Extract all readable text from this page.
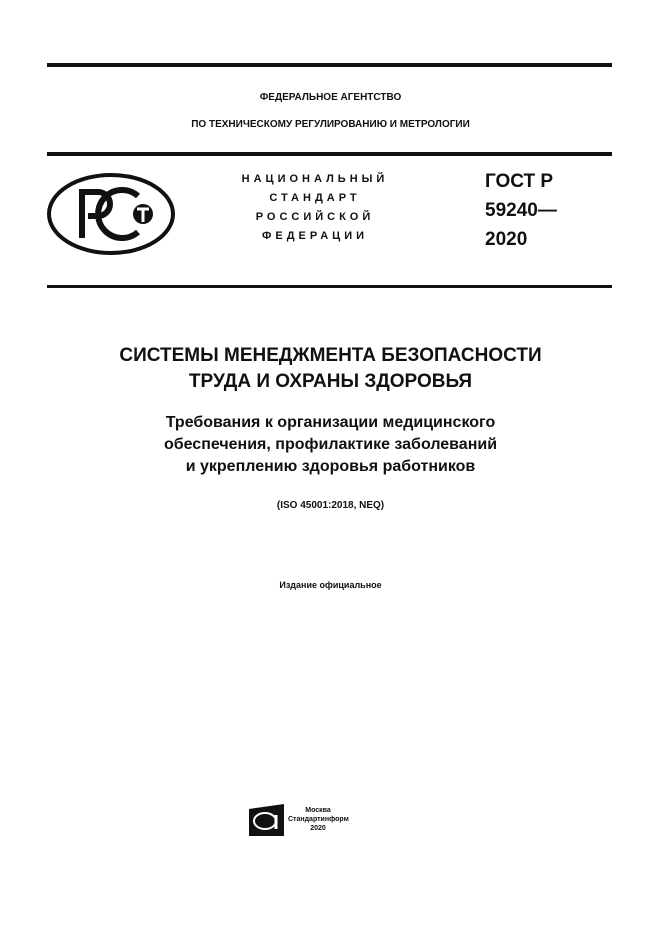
ФЕДЕРАЛЬНОЕ АГЕНТСТВО
ПО ТЕХНИЧЕСКОМУ РЕГУЛИРОВАНИЮ И МЕТРОЛОГИИ
НАЦИОНАЛЬНЫЙ
СТАНДАРТ
РОССИЙСКОЙ
ФЕДЕРАЦИИ
ГОСТ Р
59240—
2020
СИСТЕМЫ МЕНЕДЖМЕНТА БЕЗОПАСНОСТИ
ТРУДА И ОХРАНЫ ЗДОРОВЬЯ
Требования к организации медицинского
обеспечения, профилактике заболеваний
и укреплению здоровья работников
(ISO 45001:2018, NEQ)
Издание официальное
Москва
Стандартинформ
2020
